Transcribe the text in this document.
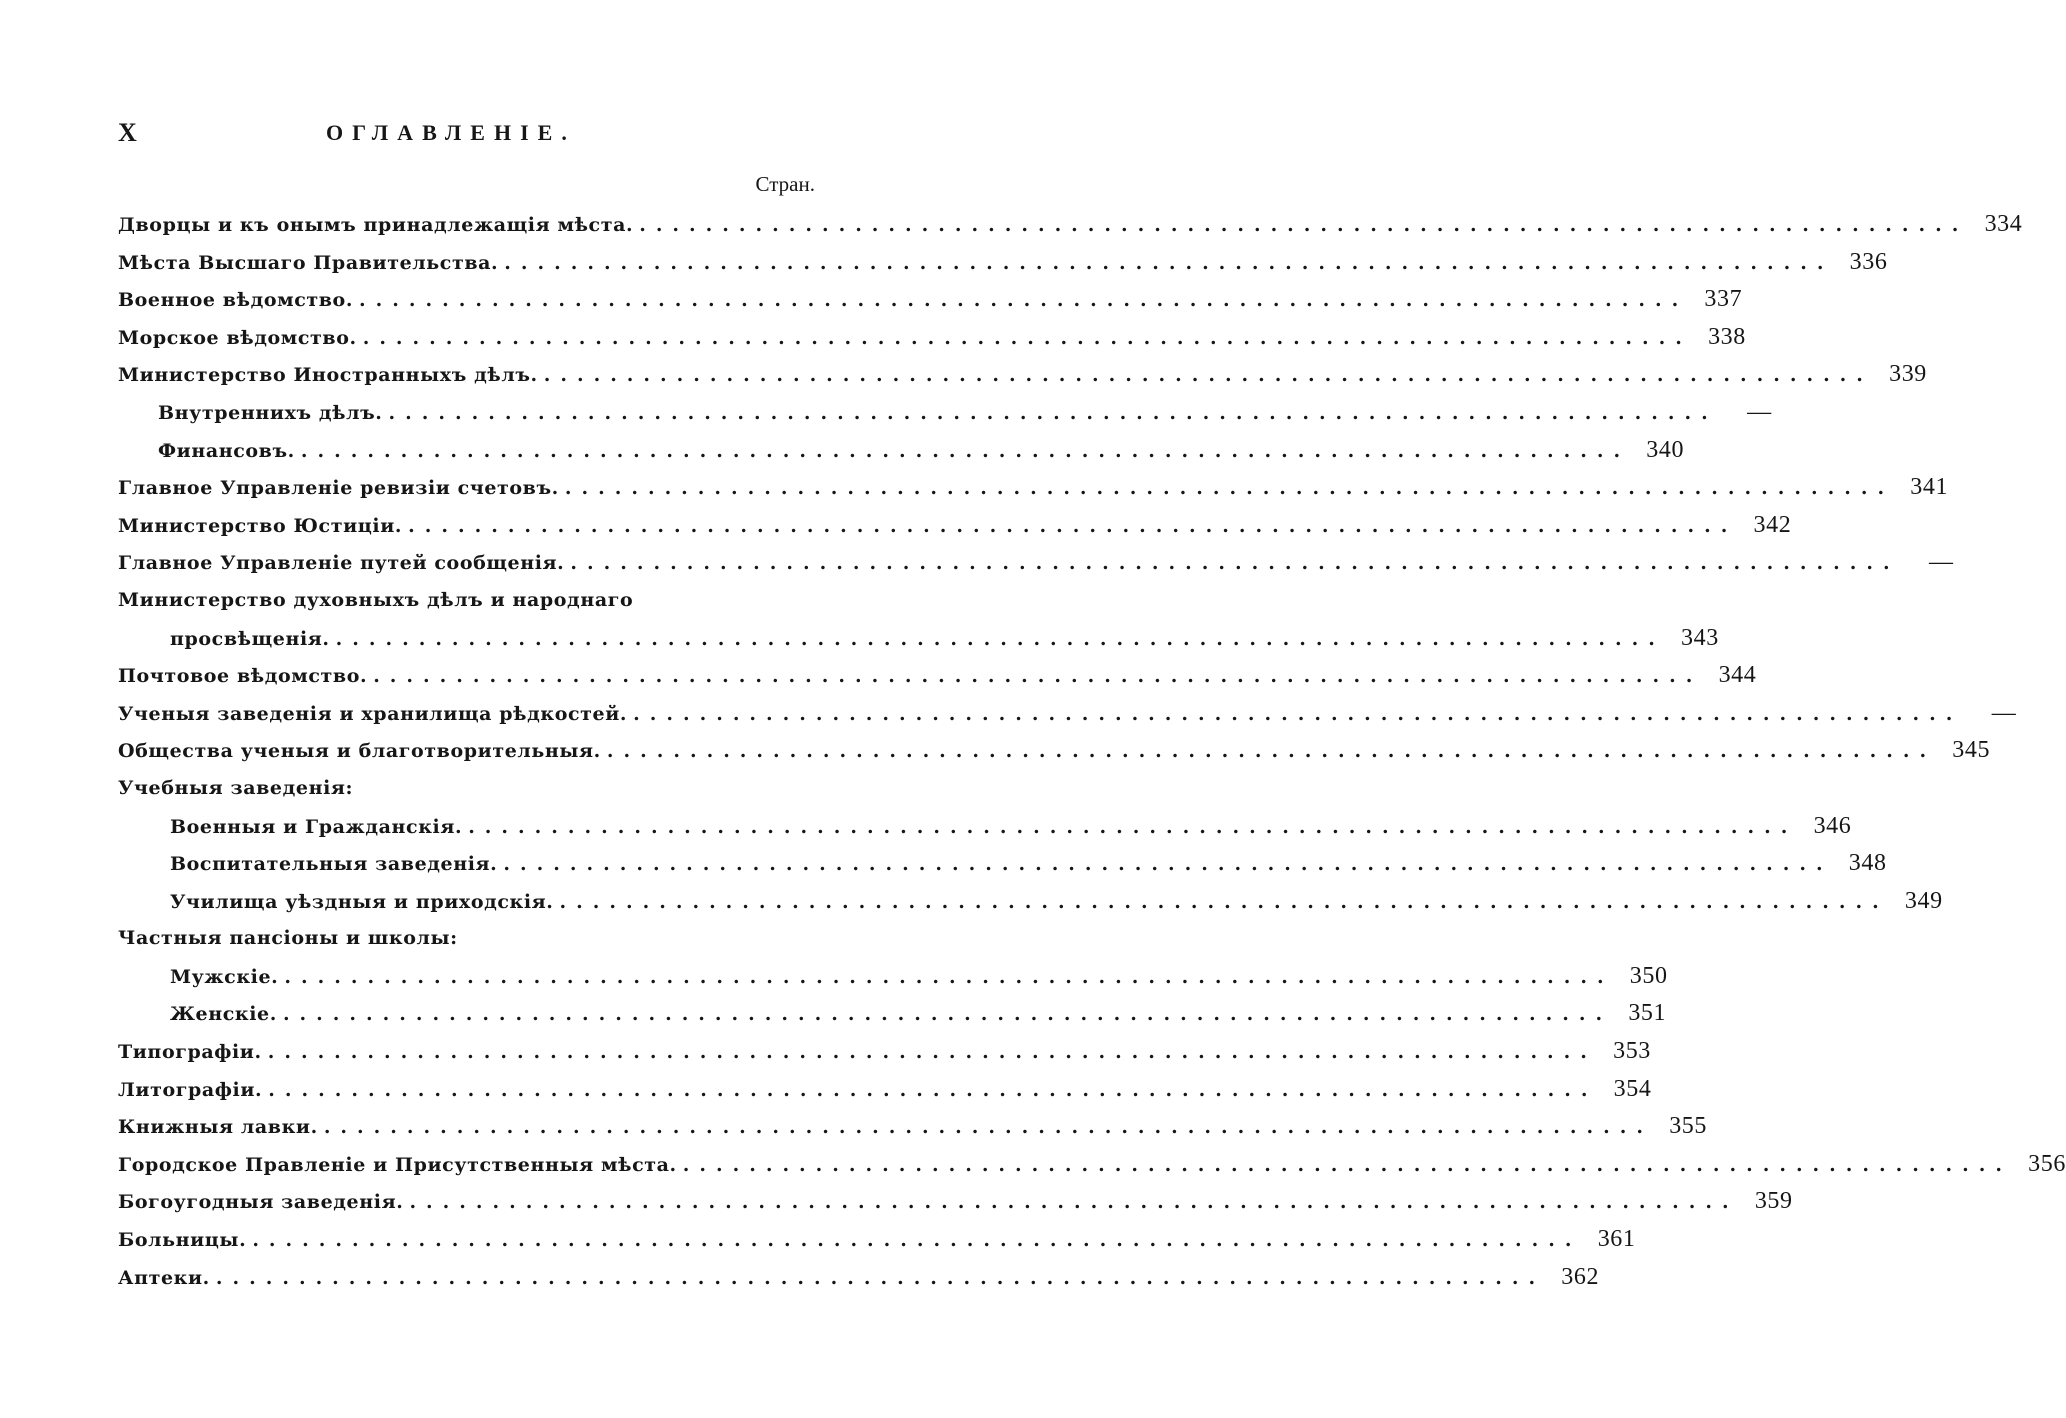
X	ОГЛАВЛЕНІЕ.
Стран.
Дворцы и къ онымъ принадлежащія мѣста. ................................................................................ 334
Мѣста Высшаго Правительства. ................................................................................ 336
Военное вѣдомство. ................................................................................ 337
Морское вѣдомство. ................................................................................ 338
Министерство Иностранныхъ дѣлъ. ................................................................................ 339
Внутреннихъ дѣлъ. ................................................................................	—
Финансовъ. ................................................................................ 340
Главное Управленіе ревизіи счетовъ. ................................................................................ 341
Министерство Юстиціи. ................................................................................ 342
Главное Управленіе путей сообщенія. ................................................................................	—
Министерство духовныхъ дѣлъ и народнаго
просвѣщенія. ................................................................................ 343
Почтовое вѣдомство. ................................................................................ 344
Ученыя заведенія и хранилища рѣдкостей. ................................................................................	—
Общества ученыя и благотворительныя. ................................................................................ 345
Учебныя заведенія:
Военныя и Гражданскія. ................................................................................ 346
Воспитательныя заведенія. ................................................................................ 348
Училища уѣздныя и приходскія. ................................................................................ 349
Частныя пансіоны и школы:
Мужскіе. ................................................................................ 350
Женскіе. ................................................................................ 351
Типографіи. ................................................................................ 353
Литографіи. ................................................................................ 354
Книжныя лавки. ................................................................................ 355
Городское Правленіе и Присутственныя мѣста. ................................................................................ 356
Богоугодныя заведенія. ................................................................................ 359
Больницы. ................................................................................ 361
Аптеки. ................................................................................ 362
